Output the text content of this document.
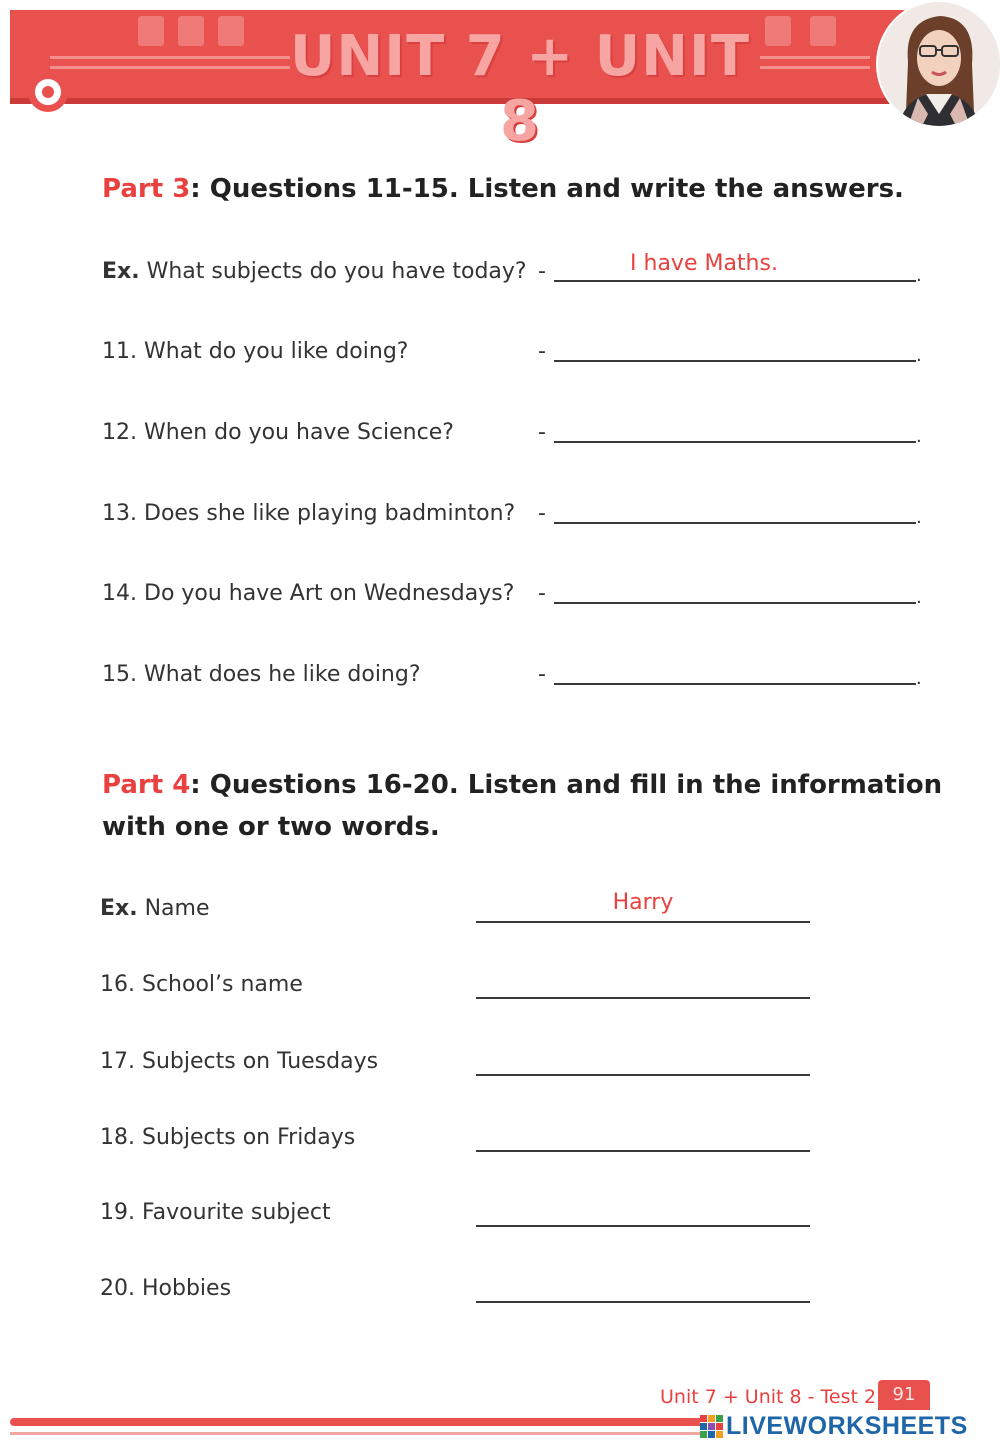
UNIT 7 + UNIT 8
Part 3: Questions 11-15. Listen and write the answers.
Ex. What subjects do you have today? -	I have Maths.	.
11. What do you like doing?	-	.
12. When do you have Science?	-	.
13. Does she like playing badminton? -	.
14. Do you have Art on Wednesdays? -	.
15. What does he like doing?	-	.
Part 4: Questions 16-20. Listen and fill in the information
with one or two words.
Ex. Name	Harry
16. School’s name
17. Subjects on Tuesdays
18. Subjects on Fridays
19. Favourite subject
20. Hobbies
Unit 7 + Unit 8 - Test 2 91
LIVEWORKSHEETS
